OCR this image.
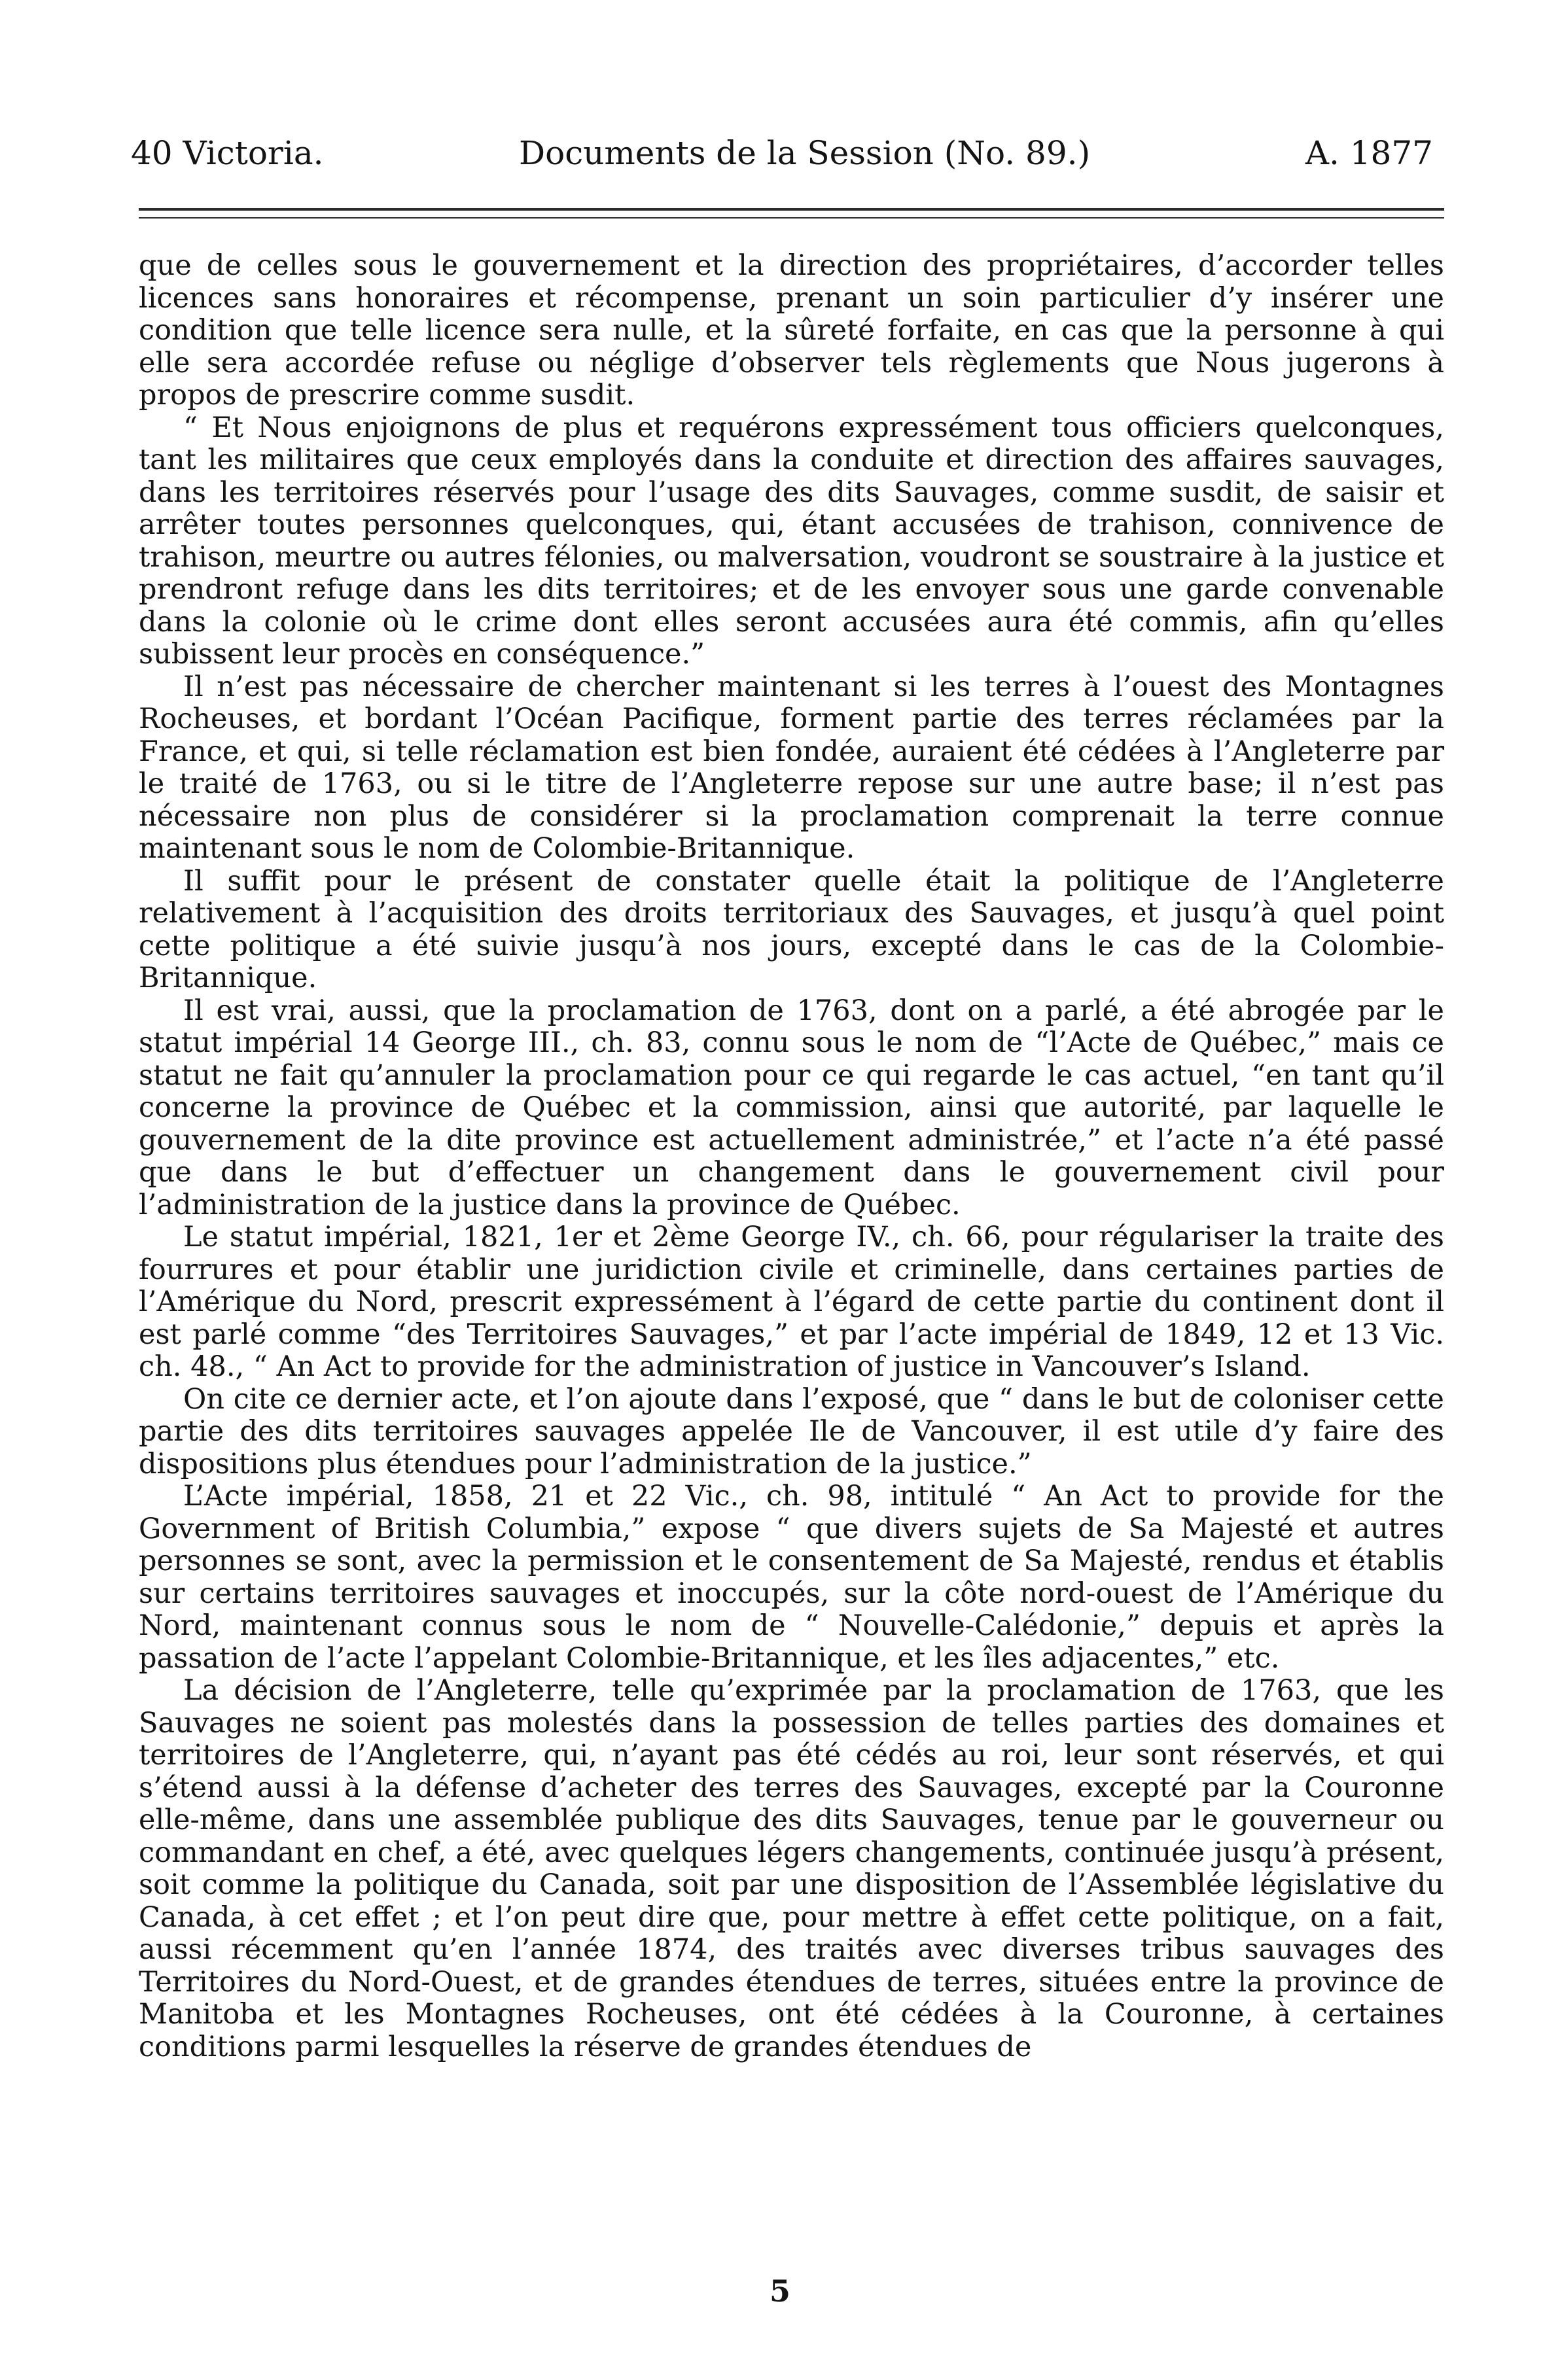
40 Victoria.	Documents de la Session (No. 89.)	A. 1877

que de celles sous le gouvernement et la direction des propriétaires, d’accorder telles licences sans honoraires et récompense, prenant un soin particulier d’y insérer une condition que telle licence sera nulle, et la sûreté forfaite, en cas que la personne à qui elle sera accordée refuse ou néglige d’observer tels règlements que Nous jugerons à propos de prescrire comme susdit.

“ Et Nous enjoignons de plus et requérons expressément tous officiers quelconques, tant les militaires que ceux employés dans la conduite et direction des affaires sauvages, dans les territoires réservés pour l’usage des dits Sauvages, comme susdit, de saisir et arrêter toutes personnes quelconques, qui, étant accusées de trahison, connivence de trahison, meurtre ou autres félonies, ou malversation, voudront se soustraire à la justice et prendront refuge dans les dits territoires; et de les envoyer sous une garde convenable dans la colonie où le crime dont elles seront accusées aura été commis, afin qu’elles subissent leur procès en conséquence.”

Il n’est pas nécessaire de chercher maintenant si les terres à l’ouest des Montagnes Rocheuses, et bordant l’Océan Pacifique, forment partie des terres réclamées par la France, et qui, si telle réclamation est bien fondée, auraient été cédées à l’Angleterre par le traité de 1763, ou si le titre de l’Angleterre repose sur une autre base; il n’est pas nécessaire non plus de considérer si la proclamation comprenait la terre connue maintenant sous le nom de Colombie-Britannique.

Il suffit pour le présent de constater quelle était la politique de l’Angleterre relativement à l’acquisition des droits territoriaux des Sauvages, et jusqu’à quel point cette politique a été suivie jusqu’à nos jours, excepté dans le cas de la Colombie-Britannique.

Il est vrai, aussi, que la proclamation de 1763, dont on a parlé, a été abrogée par le statut impérial 14 George III., ch. 83, connu sous le nom de “l’Acte de Québec,” mais ce statut ne fait qu’annuler la proclamation pour ce qui regarde le cas actuel, “en tant qu’il concerne la province de Québec et la commission, ainsi que autorité, par laquelle le gouvernement de la dite province est actuellement administrée,” et l’acte n’a été passé que dans le but d’effectuer un changement dans le gouvernement civil pour l’administration de la justice dans la province de Québec.

Le statut impérial, 1821, 1er et 2ème George IV., ch. 66, pour régulariser la traite des fourrures et pour établir une juridiction civile et criminelle, dans certaines parties de l’Amérique du Nord, prescrit expressément à l’égard de cette partie du continent dont il est parlé comme “des Territoires Sauvages,” et par l’acte impérial de 1849, 12 et 13 Vic. ch. 48., “ An Act to provide for the administration of justice in Vancouver’s Island.

On cite ce dernier acte, et l’on ajoute dans l’exposé, que “ dans le but de coloniser cette partie des dits territoires sauvages appelée Ile de Vancouver, il est utile d’y faire des dispositions plus étendues pour l’administration de la justice.”

L’Acte impérial, 1858, 21 et 22 Vic., ch. 98, intitulé “ An Act to provide for the Government of British Columbia,” expose “ que divers sujets de Sa Majesté et autres personnes se sont, avec la permission et le consentement de Sa Majesté, rendus et établis sur certains territoires sauvages et inoccupés, sur la côte nord-ouest de l’Amérique du Nord, maintenant connus sous le nom de “ Nouvelle-Calédonie,” depuis et après la passation de l’acte l’appelant Colombie-Britannique, et les îles adjacentes,” etc.

La décision de l’Angleterre, telle qu’exprimée par la proclamation de 1763, que les Sauvages ne soient pas molestés dans la possession de telles parties des domaines et territoires de l’Angleterre, qui, n’ayant pas été cédés au roi, leur sont réservés, et qui s’étend aussi à la défense d’acheter des terres des Sauvages, excepté par la Couronne elle-même, dans une assemblée publique des dits Sauvages, tenue par le gouverneur ou commandant en chef, a été, avec quelques légers changements, continuée jusqu’à présent, soit comme la politique du Canada, soit par une disposition de l’Assemblée législative du Canada, à cet effet ; et l’on peut dire que, pour mettre à effet cette politique, on a fait, aussi récemment qu’en l’année 1874, des traités avec diverses tribus sauvages des Territoires du Nord-Ouest, et de grandes étendues de terres, situées entre la province de Manitoba et les Montagnes Rocheuses, ont été cédées à la Couronne, à certaines conditions parmi lesquelles la réserve de grandes étendues de

5
